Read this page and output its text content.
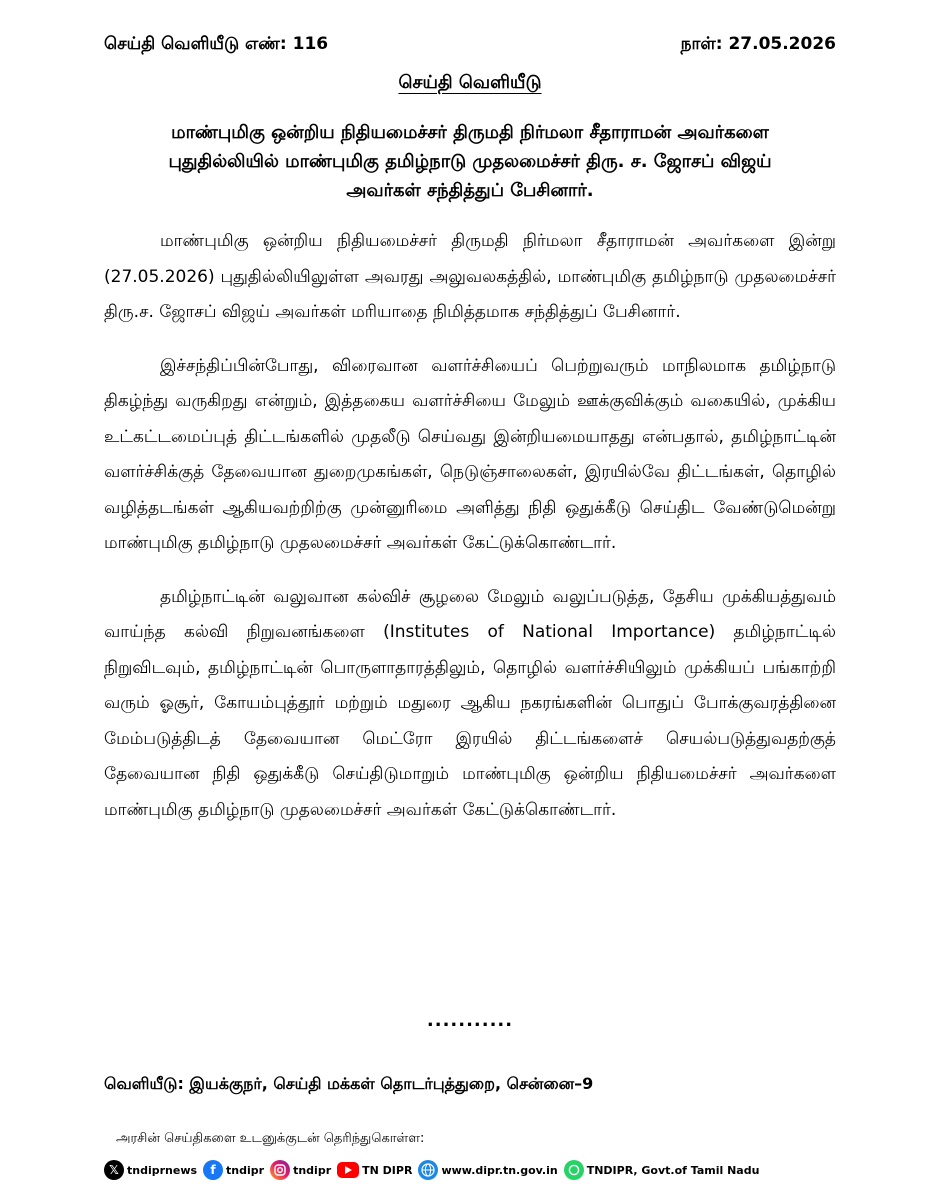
செய்தி வெளியீடு எண்: 116	நாள்: 27.05.2026
செய்தி வெளியீடு
மாண்புமிகு ஒன்றிய நிதியமைச்சர் திருமதி நிர்மலா சீதாராமன் அவர்களை
புதுதில்லியில் மாண்புமிகு தமிழ்நாடு முதலமைச்சர் திரு. ச. ஜோசப் விஜய்
அவர்கள் சந்தித்துப் பேசினார்.

மாண்புமிகு ஒன்றிய நிதியமைச்சர் திருமதி நிர்மலா சீதாராமன் அவர்களை இன்று (27.05.2026) புதுதில்லியிலுள்ள அவரது அலுவலகத்தில், மாண்புமிகு தமிழ்நாடு முதலமைச்சர் திரு.ச. ஜோசப் விஜய் அவர்கள் மரியாதை நிமித்தமாக சந்தித்துப் பேசினார்.

இச்சந்திப்பின்போது, விரைவான வளர்ச்சியைப் பெற்றுவரும் மாநிலமாக தமிழ்நாடு திகழ்ந்து வருகிறது என்றும், இத்தகைய வளர்ச்சியை மேலும் ஊக்குவிக்கும் வகையில், முக்கிய உட்கட்டமைப்புத் திட்டங்களில் முதலீடு செய்வது இன்றியமையாதது என்பதால், தமிழ்நாட்டின் வளர்ச்சிக்குத் தேவையான துறைமுகங்கள், நெடுஞ்சாலைகள், இரயில்வே திட்டங்கள், தொழில் வழித்தடங்கள் ஆகியவற்றிற்கு முன்னுரிமை அளித்து நிதி ஒதுக்கீடு செய்திட வேண்டுமென்று மாண்புமிகு தமிழ்நாடு முதலமைச்சர் அவர்கள் கேட்டுக்கொண்டார்.

தமிழ்நாட்டின் வலுவான கல்விச் சூழலை மேலும் வலுப்படுத்த, தேசிய முக்கியத்துவம் வாய்ந்த கல்வி நிறுவனங்களை (Institutes of National Importance) தமிழ்நாட்டில் நிறுவிடவும், தமிழ்நாட்டின் பொருளாதாரத்திலும், தொழில் வளர்ச்சியிலும் முக்கியப் பங்காற்றி வரும் ஓசூர், கோயம்புத்தூர் மற்றும் மதுரை ஆகிய நகரங்களின் பொதுப் போக்குவரத்தினை மேம்படுத்திடத் தேவையான மெட்ரோ இரயில் திட்டங்களைச் செயல்படுத்துவதற்குத் தேவையான நிதி ஒதுக்கீடு செய்திடுமாறும் மாண்புமிகு ஒன்றிய நிதியமைச்சர் அவர்களை மாண்புமிகு தமிழ்நாடு முதலமைச்சர் அவர்கள் கேட்டுக்கொண்டார்.

...........
வெளியீடு: இயக்குநர், செய்தி மக்கள் தொடர்புத்துறை, சென்னை–9
அரசின் செய்திகளை உடனுக்குடன் தெரிந்துகொள்ள:
𝕏 tndiprnews	f tndipr	tndipr	TN DIPR	www.dipr.tn.gov.in	TNDIPR, Govt.of Tamil Nadu
